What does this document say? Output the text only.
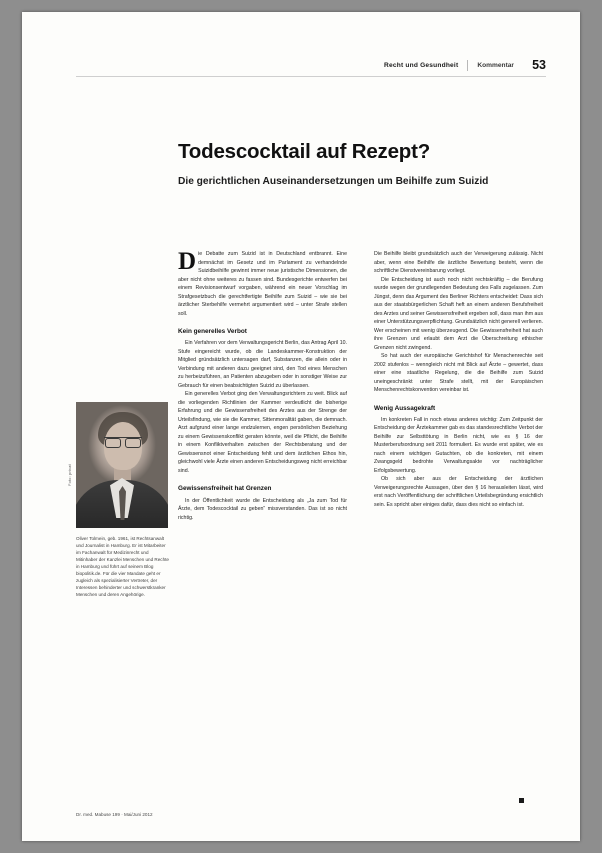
Recht und Gesundheit	Kommentar	53
Todescocktail auf Rezept?
Die gerichtlichen Auseinandersetzungen um Beihilfe zum Suizid
Foto: privat
Oliver Tolmein, geb. 1961, ist Rechtsanwalt und Journalist in Hamburg. Er ist Mitarbeiter im Fachanwalt für Medizinrecht und Mitinhaber der Kanzlei Menschen und Rechte in Hamburg und führt auf seinem Blog biopolitik.de. Für die vier Mandate geht er zugleich als spezialisierter Vertreter, der Interessen behinderter und schwerstkranker Menschen und deren Angehörige.

Die Debatte zum Suizid ist in Deutschland entbrannt. Eine demnächst im Gesetz und im Parlament zu verhandelnde Suizidbeihilfe gewinnt immer neue juristische Dimensionen, die aber nicht ohne weiteres zu fassen sind. Bundesgerichte entwerfen bei einem Revisionsentwurf vorgaben, während ein neuer Vorschlag im Strafgesetzbuch die gerechtfertigte Beihilfe zum Suizid – wie sie bei ärztlicher Sterbehilfe vermehrt argumentiert wird – unter Strafe stellen soll.

Kein generelles Verbot

Ein Verfahren vor dem Verwaltungsgericht Berlin, das Antrag April 10. Stufe eingereicht wurde, ob die Landeskammer-Konstruktion der Mitglied gründsätzlich untersagen darf, Substanzen, die allein oder in Verbindung mit anderen dazu geeignet sind, den Tod eines Menschen zu herbeizuführen, an Patienten abzugeben oder in sonstiger Weise zur Gebrauch für einen beabsichtigten Suizid zu überlassen.

Ein generelles Verbot ging den Verwaltungsrichtern zu weit. Blick auf die vorliegenden Richtlinien der Kammer verdeutlicht die bisherige Erfahrung und die Gewissensfreiheit des Arztes aus der Strenge der Urteilsfindung, wie sie die Kammer, Sittenmoralität gaben, die demnach. Arzt aufgrund einer lange endzulernen, engen persönlichen Beziehung zu einem Gewissenskonflikt geraten könnte, weil die Pflicht, die Beihilfe in einem Konfliktverhalten zwischen der Rechtsberatung und der Gewissensnot einer Entscheidung fehlt und dem ärztlichen Ethos hin, gleichwohl viele Ärzte einen anderen Entscheidungsweg nicht erreichbar sind.

Gewissensfreiheit hat Grenzen

In der Öffentlichkeit wurde die Entscheidung als „Ja zum Tod für Ärzte, dem Todescocktail zu geben“ missverstanden. Das ist so nicht richtig.

Die Beihilfe bleibt grundsätzlich auch der Verweigerung zulässig. Nicht aber, wenn eine Beihilfe die ärztliche Bewertung besteht, wenn die schriftliche Dienstvereinbarung vorliegt.

Die Entscheidung ist auch noch nicht rechtskräftig – die Berufung wurde wegen der grundlegenden Bedeutung des Falls zugelassen. Zum Jüngst, denn das Argument des Berliner Richters entscheidet: Dass sich aus der staatsbürgerlichen Schaft heft an einem anderen Berufsfreiheit des Arztes und seiner Gewissensfreiheit ergeben soll, dass man ihm aus einer Unterstützungsverpflichtung. Grundsätzlich nicht generell verlieren. Wer erscheinen mit wenig überzeugend. Die Gewissensfreiheit hat auch ihre Grenzen und erlaubt dem Arzt die Überschreitung ethischer Grenzen nicht zwingend.

So hat auch der europäische Gerichtshof für Menschenrechte seit 2002 stufenlos – wenngleich nicht mit Blick auf Ärzte – gewertet, dass einer eine staatliche Regelung, die die Beihilfe zum Suizid uneingeschränkt unter Strafe stellt, mit der Europäischen Menschenrechtskonvention vereinbar ist.

Wenig Aussagekraft

Im konkreten Fall in noch etwas anderes wichtig: Zum Zeitpunkt der Entscheidung der Ärztekammer gab es das standesrechtliche Verbot der Beihilfe zur Selbsttötung in Berlin nicht, wie es § 16 der Musterberufsordnung seit 2011 formuliert. Es wurde erst später, wie es nach einem wichtigen Gutachten, ob die konkreten, mit einem Zwangsgeld bedrohte Verwaltungsakte vor nachträglicher Erfolgsbewertung.

Ob sich aber aus der Entscheidung der ärztlichen Verweigerungsrechte Aussagen, über den § 16 herausleiten lässt, wird erst nach Veröffentlichung der schriftlichen Urteilsbegründung ersichtlich sein. Es spricht aber einiges dafür, dass dies nicht so einfach ist.

Dr. med. Mabuse 199 · Mai/Juni 2012
